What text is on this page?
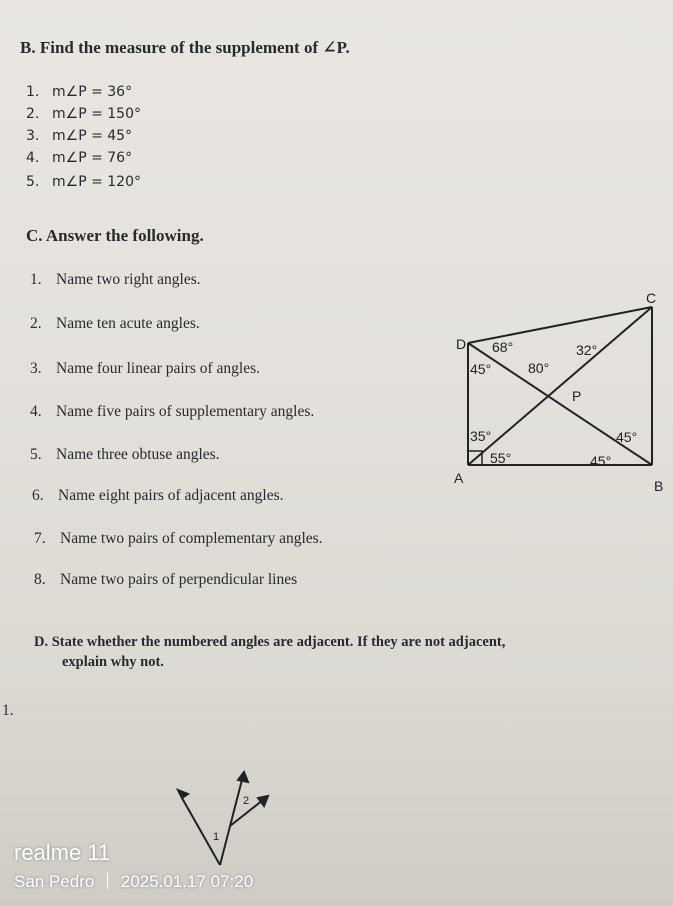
B. Find the measure of the supplement of ∠P.
1. m∠P = 36°
2. m∠P = 150°
3. m∠P = 45°
4. m∠P = 76°
5. m∠P = 120°
C. Answer the following.
1. Name two right angles.
2. Name ten acute angles.
3. Name four linear pairs of angles.
4. Name five pairs of supplementary angles.
5. Name three obtuse angles.
6. Name eight pairs of adjacent angles.
7. Name two pairs of complementary angles.
8. Name two pairs of perpendicular lines
D
C
A	B
P
68°	32°
45°	80°
35°
55°
45°
45°
D. State whether the numbered angles are adjacent. If they are not adjacent,
explain why not.
1.
1
2
realme 11
San Pedro 2025.01.17 07:20
